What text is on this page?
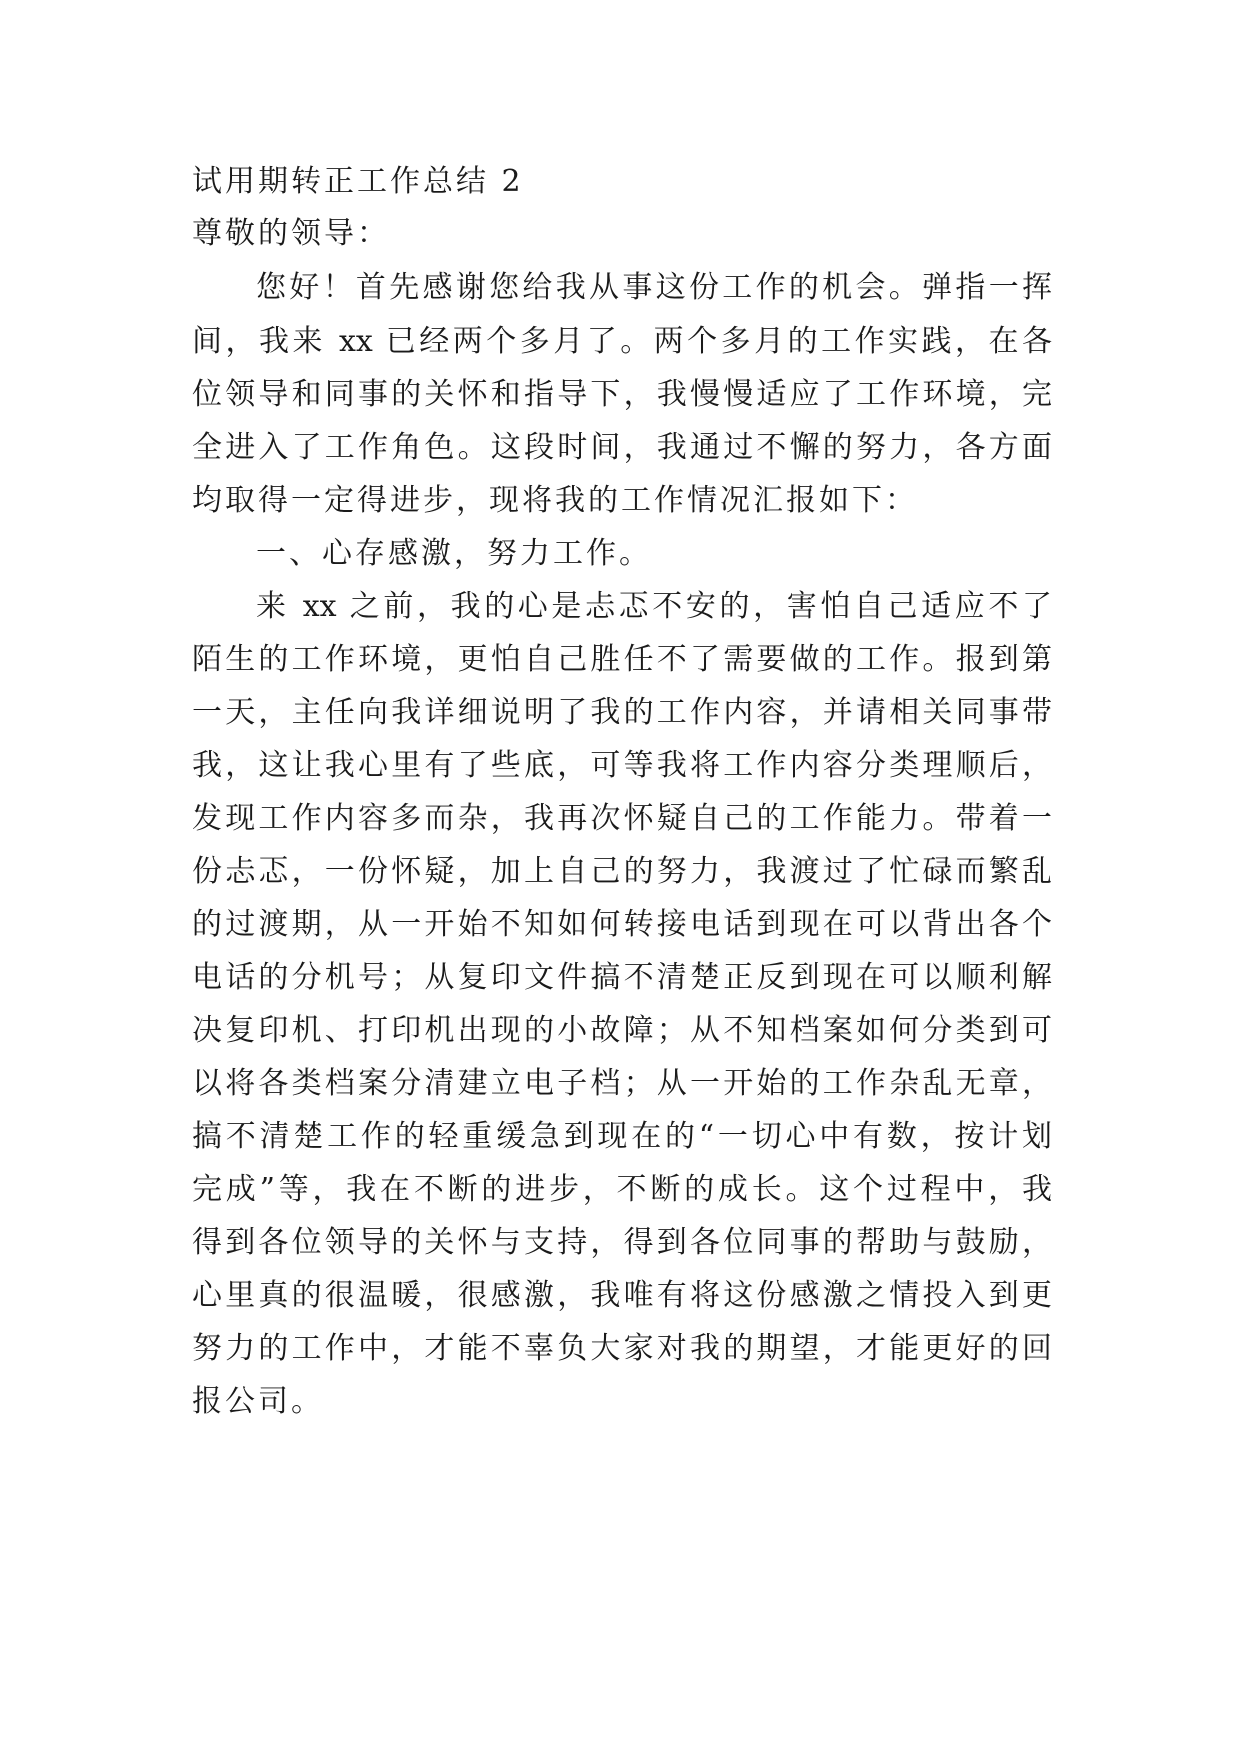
试用期转正工作总结 2
尊敬的领导：
您好！首先感谢您给我从事这份工作的机会。弹指一挥
间，我来 xx 已经两个多月了。两个多月的工作实践，在各
位领导和同事的关怀和指导下，我慢慢适应了工作环境，完
全进入了工作角色。这段时间，我通过不懈的努力，各方面
均取得一定得进步，现将我的工作情况汇报如下：
一、心存感激，努力工作。
来 xx 之前，我的心是忐忑不安的，害怕自己适应不了
陌生的工作环境，更怕自己胜任不了需要做的工作。报到第
一天，主任向我详细说明了我的工作内容，并请相关同事带
我，这让我心里有了些底，可等我将工作内容分类理顺后，
发现工作内容多而杂，我再次怀疑自己的工作能力。带着一
份忐忑，一份怀疑，加上自己的努力，我渡过了忙碌而繁乱
的过渡期，从一开始不知如何转接电话到现在可以背出各个
电话的分机号；从复印文件搞不清楚正反到现在可以顺利解
决复印机、打印机出现的小故障；从不知档案如何分类到可
以将各类档案分清建立电子档；从一开始的工作杂乱无章，
搞不清楚工作的轻重缓急到现在的“一切心中有数，按计划
完成”等，我在不断的进步，不断的成长。这个过程中，我
得到各位领导的关怀与支持，得到各位同事的帮助与鼓励，
心里真的很温暖，很感激，我唯有将这份感激之情投入到更
努力的工作中，才能不辜负大家对我的期望，才能更好的回
报公司。
